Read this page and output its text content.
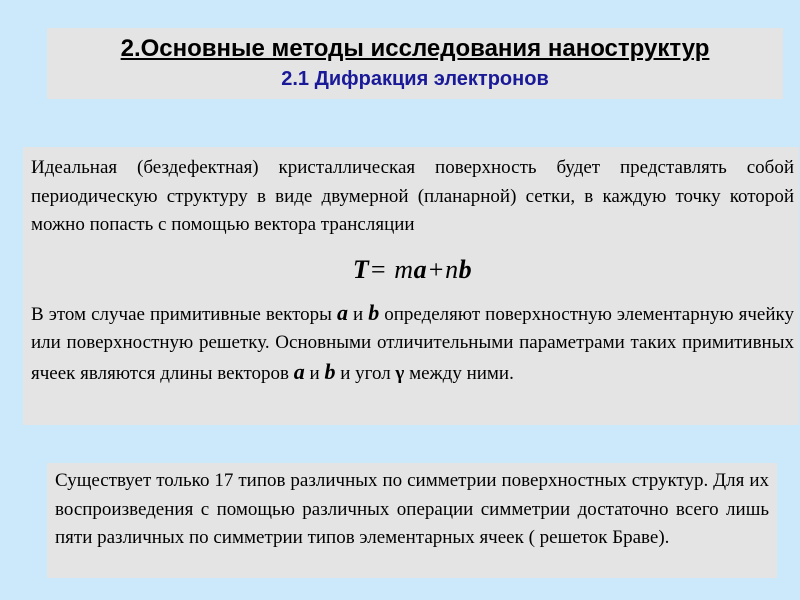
2.Основные методы исследования наноструктур
2.1 Дифракция электронов

Идеальная (бездефектная) кристаллическая поверхность будет представлять собой периодическую структуру в виде двумерной (планарной) сетки, в каждую точку которой можно попасть с помощью вектора трансляции

T= ma+nb

В этом случае примитивные векторы a и b определяют поверхностную элементарную ячейку или поверхностную решетку. Основными отличительными параметрами таких примитивных ячеек являются длины векторов a и b и угол γ между ними.

Существует только 17 типов различных по симметрии поверхностных структур. Для их воспроизведения с помощью различных операции симметрии достаточно всего лишь пяти различных по симметрии типов элементарных ячеек ( решеток Браве).
